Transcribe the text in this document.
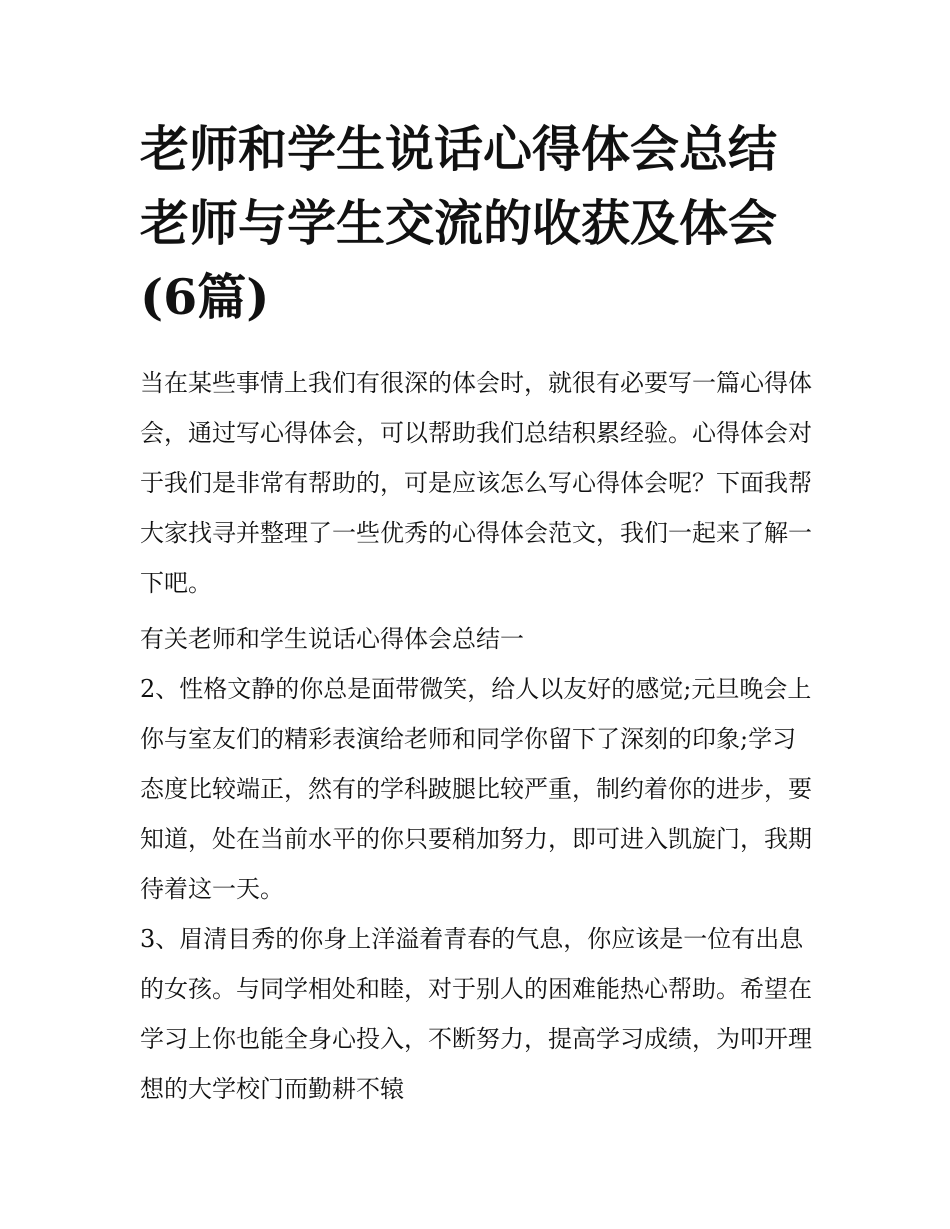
老师和学生说话心得体会总结
老师与学生交流的收获及体会
(6篇)

当在某些事情上我们有很深的体会时，就很有必要写一篇心得体会，通过写心得体会，可以帮助我们总结积累经验。心得体会对于我们是非常有帮助的，可是应该怎么写心得体会呢？下面我帮大家找寻并整理了一些优秀的心得体会范文，我们一起来了解一下吧。

有关老师和学生说话心得体会总结一

2、性格文静的你总是面带微笑，给人以友好的感觉;元旦晚会上你与室友们的精彩表演给老师和同学你留下了深刻的印象;学习态度比较端正，然有的学科跛腿比较严重，制约着你的进步，要知道，处在当前水平的你只要稍加努力，即可进入凯旋门，我期待着这一天。

3、眉清目秀的你身上洋溢着青春的气息，你应该是一位有出息的女孩。与同学相处和睦，对于别人的困难能热心帮助。希望在学习上你也能全身心投入，不断努力，提高学习成绩，为叩开理想的大学校门而勤耕不辕
